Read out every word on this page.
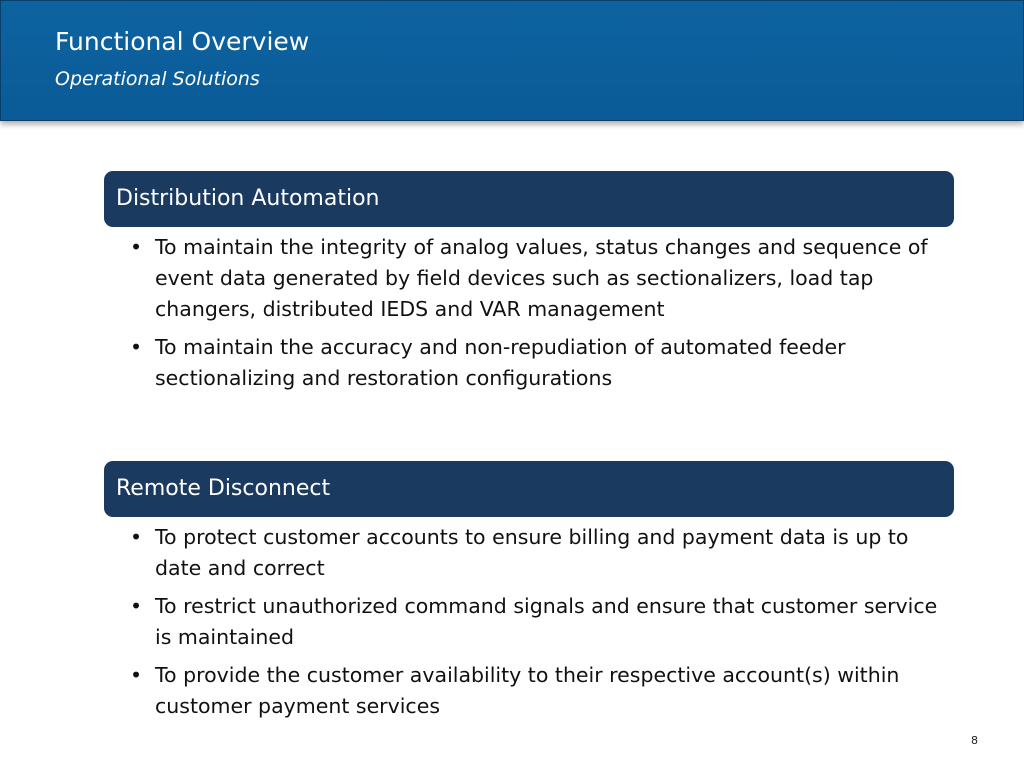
Functional Overview
Operational Solutions
Distribution Automation
• To maintain the integrity of analog values, status changes and sequence of event data generated by field devices such as sectionalizers, load tap changers, distributed IEDS and VAR management
• To maintain the accuracy and non-repudiation of automated feeder sectionalizing and restoration configurations
Remote Disconnect
• To protect customer accounts to ensure billing and payment data is up to date and correct
• To restrict unauthorized command signals and ensure that customer service is maintained
• To provide the customer availability to their respective account(s) within customer payment services
8
